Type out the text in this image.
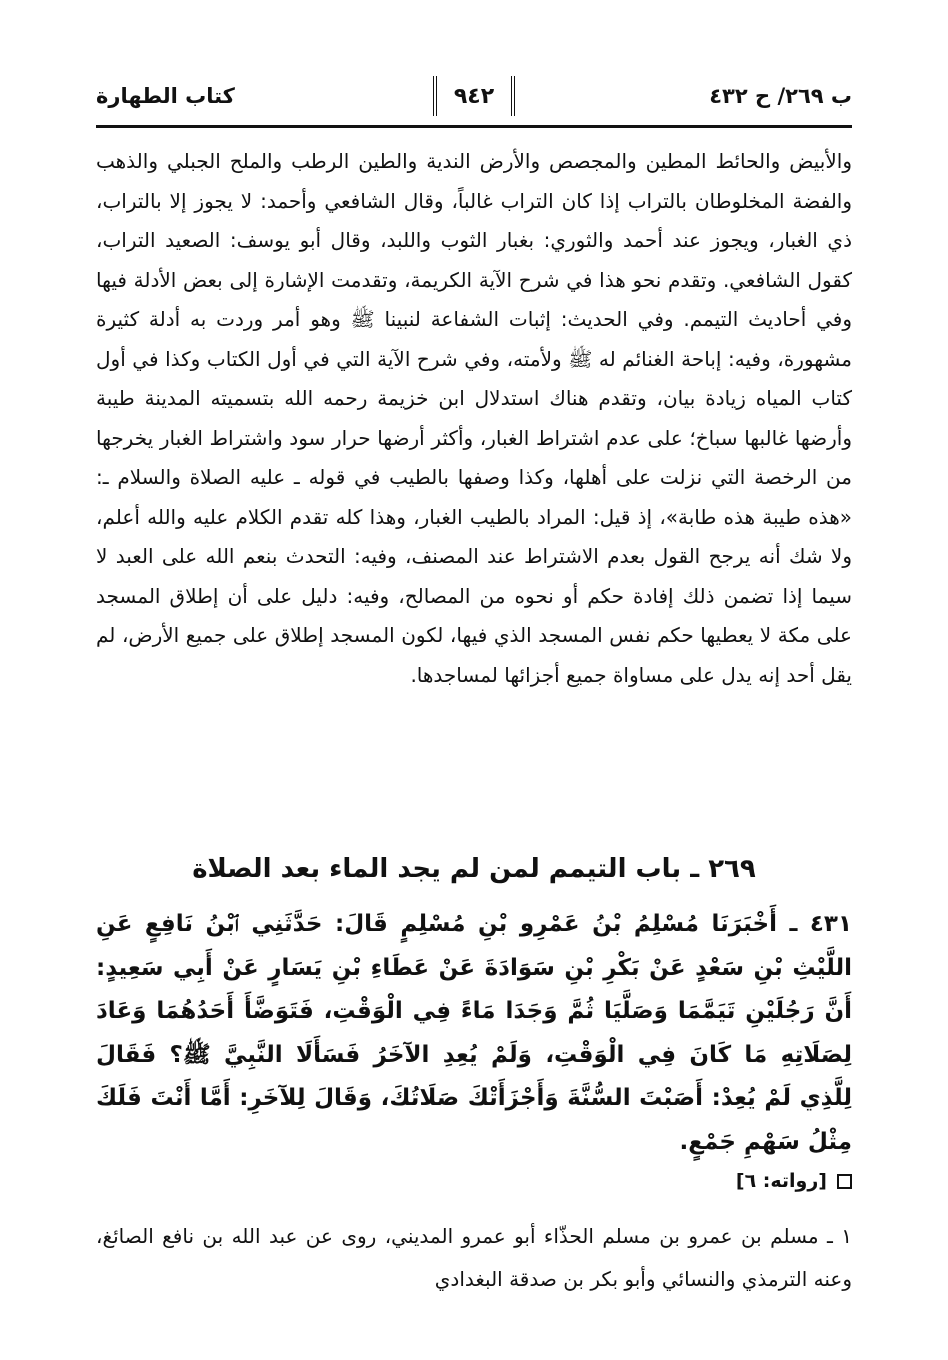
ب ٢٦٩/ ح ٤٣٢
٩٤٢
كتاب الطهارة
والأبيض والحائط المطين والمجصص والأرض الندية والطين الرطب والملح الجبلي والذهب والفضة المخلوطان بالتراب إذا كان التراب غالباً، وقال الشافعي وأحمد: لا يجوز إلا بالتراب، ذي الغبار، ويجوز عند أحمد والثوري: بغبار الثوب واللبد، وقال أبو يوسف: الصعيد التراب، كقول الشافعي. وتقدم نحو هذا في شرح الآية الكريمة، وتقدمت الإشارة إلى بعض الأدلة فيها وفي أحاديث التيمم. وفي الحديث: إثبات الشفاعة لنبينا ﷺ وهو أمر وردت به أدلة كثيرة مشهورة، وفيه: إباحة الغنائم له ﷺ ولأمته، وفي شرح الآية التي في أول الكتاب وكذا في أول كتاب المياه زيادة بيان، وتقدم هناك استدلال ابن خزيمة رحمه الله بتسميته المدينة طيبة وأرضها غالبها سباخ؛ على عدم اشتراط الغبار، وأكثر أرضها حرار سود واشتراط الغبار يخرجها من الرخصة التي نزلت على أهلها، وكذا وصفها بالطيب في قوله ـ عليه الصلاة والسلام ـ: «هذه طيبة هذه طابة»، إذ قيل: المراد بالطيب الغبار، وهذا كله تقدم الكلام عليه والله أعلم، ولا شك أنه يرجح القول بعدم الاشتراط عند المصنف، وفيه: التحدث بنعم الله على العبد لا سيما إذا تضمن ذلك إفادة حكم أو نحوه من المصالح، وفيه: دليل على أن إطلاق المسجد على مكة لا يعطيها حكم نفس المسجد الذي فيها، لكون المسجد إطلاق على جميع الأرض، لم يقل أحد إنه يدل على مساواة جميع أجزائها لمساجدها.
٢٦٩ ـ باب التيمم لمن لم يجد الماء بعد الصلاة
٤٣١ ـ أَخْبَرَنَا مُسْلِمُ بْنُ عَمْرِو بْنِ مُسْلِمٍ قَالَ: حَدَّثَنِي ٱبْنُ نَافِعٍ عَنِ اللَّيْثِ بْنِ سَعْدٍ عَنْ بَكْرِ بْنِ سَوَادَةَ عَنْ عَطَاءِ بْنِ يَسَارٍ عَنْ أَبِي سَعِيدٍ: أَنَّ رَجُلَيْنِ تَيَمَّمَا وَصَلَّيَا ثُمَّ وَجَدَا مَاءً فِي الْوَقْتِ، فَتَوَضَّأَ أَحَدُهُمَا وَعَادَ لِصَلَاتِهِ مَا كَانَ فِي الْوَقْتِ، وَلَمْ يُعِدِ الآخَرُ فَسَأَلَا النَّبِيَّ ﷺ؟ فَقَالَ لِلَّذِي لَمْ يُعِدْ: أَصَبْتَ السُّنَّةَ وَأَجْزَأَتْكَ صَلَاتُكَ، وَقَالَ لِلآخَرِ: أَمَّا أَنْتَ فَلَكَ مِثْلُ سَهْمِ جَمْعٍ.
[رواته: ٦]
١ ـ مسلم بن عمرو بن مسلم الحذّاء أبو عمرو المديني، روى عن عبد الله بن نافع الصائغ، وعنه الترمذي والنسائي وأبو بكر بن صدقة البغدادي
